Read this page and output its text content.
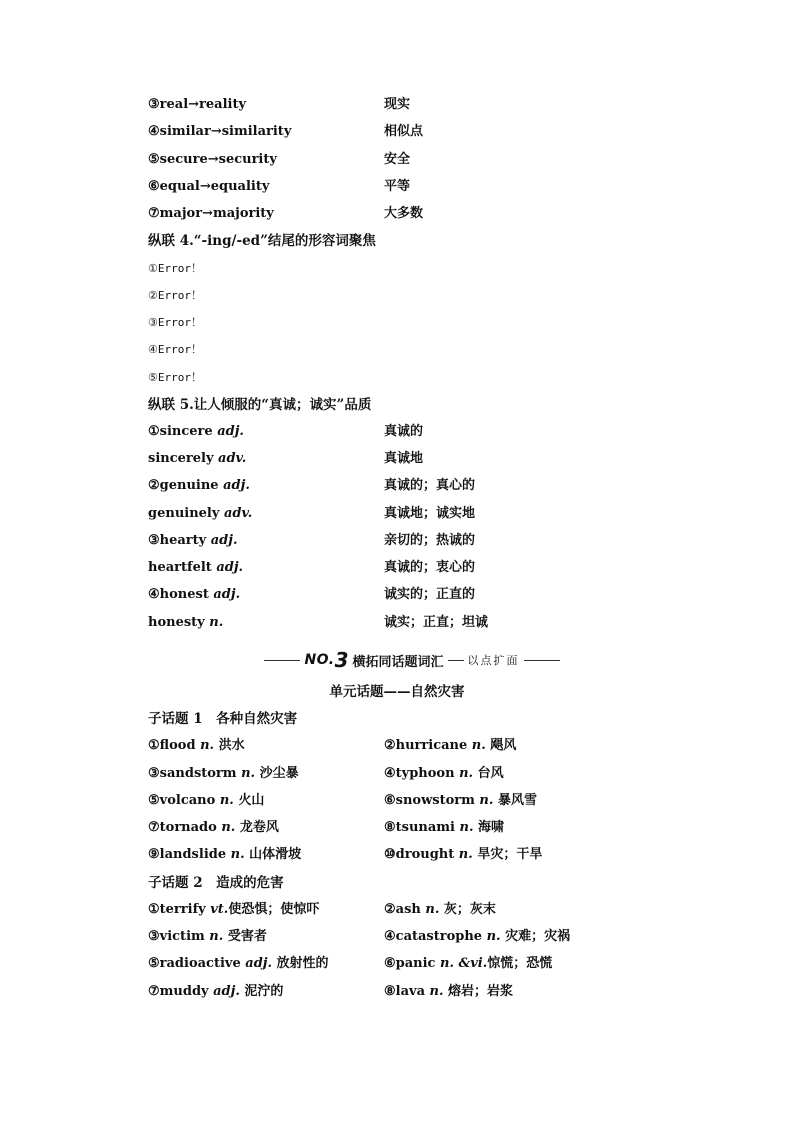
③real→reality	现实
④similar→similarity	相似点
⑤secure→security	安全
⑥equal→equality	平等
⑦major→majority	大多数
纵联 4.“-ing/-ed”结尾的形容词聚焦
①Error！
②Error！
③Error！
④Error！
⑤Error！
纵联 5.让人倾服的“真诚；诚实”品质
①sincere adj.	真诚的
sincerely adv.	真诚地
②genuine adj.	真诚的；真心的
genuinely adv.	真诚地；诚实地
③hearty adj.	亲切的；热诚的
heartfelt adj.	真诚的；衷心的
④honest adj.	诚实的；正直的
honesty n.	诚实；正直；坦诚
NO. 3 横拓同话题词汇 以点扩面
单元话题——自然灾害
子话题 1　各种自然灾害
①flood n. 洪水	②hurricane n. 飓风
③sandstorm n. 沙尘暴	④typhoon n. 台风
⑤volcano n. 火山	⑥snowstorm n. 暴风雪
⑦tornado n. 龙卷风	⑧tsunami n. 海啸
⑨landslide n. 山体滑坡	⑩drought n. 旱灾；干旱
子话题 2　造成的危害
①terrify vt.使恐惧；使惊吓	②ash n. 灰；灰末
③victim n. 受害者	④catastrophe n. 灾难；灾祸
⑤radioactive adj. 放射性的	⑥panic n. &vi.惊慌；恐慌
⑦muddy adj. 泥泞的	⑧lava n. 熔岩；岩浆
